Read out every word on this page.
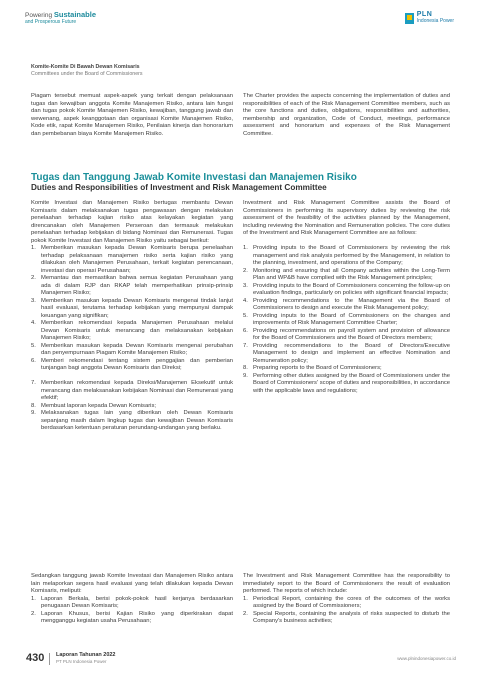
Powering Sustainable
and Prosperous Future
PLN
Indonesia Power
Komite-Komite Di Bawah Dewan Komisaris
Committees under the Board of Commissioners
Piagam tersebut memuat aspek-aspek yang terkait dengan pelaksanaan tugas dan kewajiban anggota Komite Manajemen Risiko, antara lain fungsi dan tugas pokok Komite Manajemen Risiko, kewajiban, tanggung jawab dan wewenang, aspek keanggotaan dan organisasi Komite Manajemen Risiko, Kode etik, rapat Komite Manajemen Risiko, Penilaian kinerja dan honorarium dan pembebanan biaya Komite Manajemen Risiko.
The Charter provides the aspects concerning the implementation of duties and responsibilities of each of the Risk Management Committee members, such as the core functions and duties, obligations, responsibilities and authorities, membership and organization, Code of Conduct, meetings, performance assessment and honorarium and expenses of the Risk Management Committee.
Tugas dan Tanggung Jawab Komite Investasi dan Manajemen Risiko
Duties and Responsibilities of Investment and Risk Management Committee

Komite Investasi dan Manajemen Risiko bertugas membantu Dewan Komisaris dalam melaksanakan tugas pengawasan dengan melakukan penelaahan terhadap kajian risiko atas kelayakan kegiatan yang direncanakan oleh Manajemen Perseroan dan termasuk melakukan penelaahan terhadap kebijakan di bidang Nominasi dan Remunerasi. Tugas pokok Komite Investasi dan Manajemen Risiko yaitu sebagai berikut:

1. Memberikan masukan kepada Dewan Komisaris berupa penelaahan terhadap pelaksanaan manajemen risiko serta kajian risiko yang dilakukan oleh Manajemen Perusahaan, terkait kegiatan perencanaan, investasi dan operasi Perusahaan;
2. Memantau dan memastikan bahwa semua kegiatan Perusahaan yang ada di dalam RJP dan RKAP telah memperhatikan prinsip-prinsip Manajemen Risiko;
3. Memberikan masukan kepada Dewan Komisaris mengenai tindak lanjut hasil evaluasi, terutama terhadap kebijakan yang mempunyai dampak keuangan yang signifikan;
4. Memberikan rekomendasi kepada Manajemen Perusahaan melalui Dewan Komisaris untuk merancang dan melaksanakan kebijakan Manajemen Risiko;
5. Memberikan masukan kepada Dewan Komisaris mengenai perubahan dan penyempurnaan Piagam Komite Manajemen Risiko;
6. Memberi rekomendasi tentang sistem penggajian dan pemberian tunjangan bagi anggota Dewan Komisaris dan Direksi;
7. Memberikan rekomendasi kepada Direksi/Manajemen Eksekutif untuk merancang dan melaksanakan kebijakan Nominasi dan Remunerasi yang efektif;
8. Membuat laporan kepada Dewan Komisaris;
9. Melaksanakan tugas lain yang diberikan oleh Dewan Komisaris sepanjang masih dalam lingkup tugas dan kewajiban Dewan Komisaris berdasarkan ketentuan peraturan perundang-undangan yang berlaku.

Investment and Risk Management Committee assists the Board of Commissioners in performing its supervisory duties by reviewing the risk assessment of the feasibility of the activities planned by the Management, including reviewing the Nomination and Remuneration policies. The core duties of the Investment and Risk Management Committee are as follows:

1. Providing inputs to the Board of Commissioners by reviewing the risk management and risk analysis performed by the Management, in relation to the planning, investment, and operations of the Company;
2. Monitoring and ensuring that all Company activities within the Long-Term Plan and WP&B have complied with the Risk Management principles;
3. Providing inputs to the Board of Commissioners concerning the follow-up on evaluation findings, particularly on policies with significant financial impacts;
4. Providing recommendations to the Management via the Board of Commissioners to design and execute the Risk Management policy;
5. Providing inputs to the Board of Commissioners on the changes and improvements of Risk Management Committee Charter;
6. Providing recommendations on payroll system and provision of allowance for the Board of Commissioners and the Board of Directors members;
7. Providing recommendations to the Board of Directors/Executive Management to design and implement an effective Nomination and Remuneration policy;
8. Preparing reports to the Board of Commissioners;
9. Performing other duties assigned by the Board of Commissioners under the Board of Commissioners' scope of duties and responsibilities, in accordance with the applicable laws and regulations;

Sedangkan tanggung jawab Komite Investasi dan Manajemen Risiko antara lain melaporkan segera hasil evaluasi yang telah dilakukan kepada Dewan Komisaris, meliputi:

1. Laporan Berkala, berisi pokok-pokok hasil kerjanya berdasarkan penugasan Dewan Komisaris;
2. Laporan Khusus, berisi Kajian Risiko yang diperkirakan dapat mengganggu kegiatan usaha Perusahaan;

The Investment and Risk Management Committee has the responsibility to immediately report to the Board of Commissioners the result of evaluation performed. The reports of which include:

1. Periodical Report, containing the cores of the outcomes of the works assigned by the Board of Commissioners;
2. Special Reports, containing the analysis of risks suspected to disturb the Company's business activities;
430 Laporan Tahunan 2022
PT PLN Indonesia Power
www.plnindonesiapower.co.id
